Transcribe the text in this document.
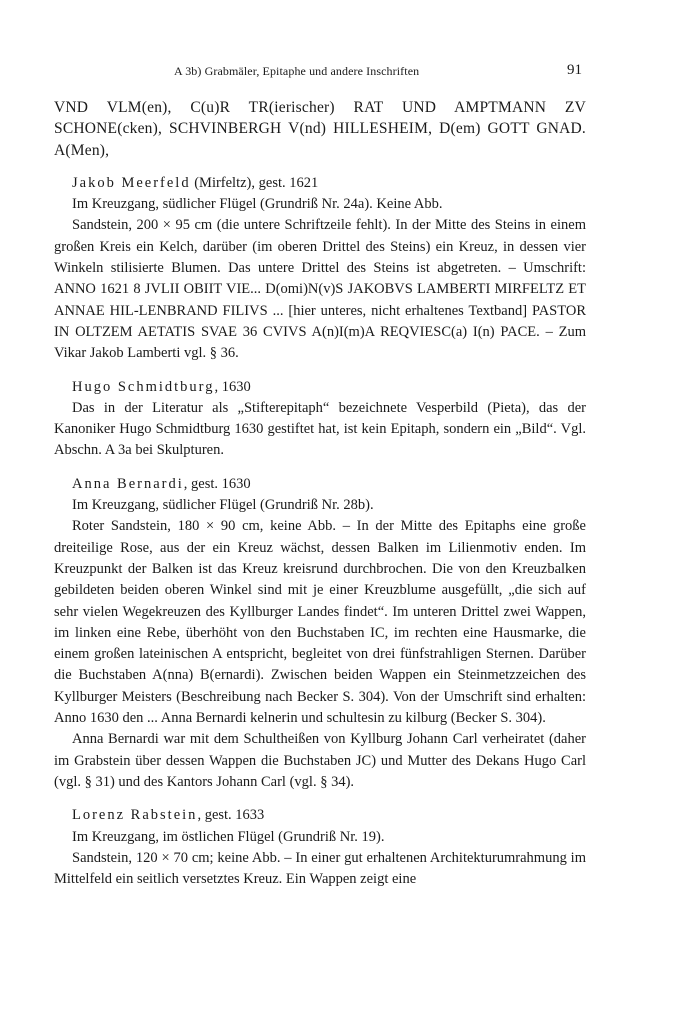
A 3b) Grabmäler, Epitaphe und andere Inschriften	91

VND VLM(en), C(u)R TR(ierischer) RAT UND AMPTMANN ZV SCHONE(cken), SCHVINBERGH V(nd) HILLESHEIM, D(em) GOTT GNAD. A(Men),

Jakob Meerfeld (Mirfeltz), gest. 1621

Im Kreuzgang, südlicher Flügel (Grundriß Nr. 24a). Keine Abb.

Sandstein, 200 × 95 cm (die untere Schriftzeile fehlt). In der Mitte des Steins in einem großen Kreis ein Kelch, darüber (im oberen Drittel des Steins) ein Kreuz, in dessen vier Winkeln stilisierte Blumen. Das untere Drittel des Steins ist abgetreten. – Umschrift: ANNO 1621 8 JVLII OBIIT VIE... D(omi)N(v)S JAKOBVS LAMBERTI MIRFELTZ ET ANNAE HIL-LENBRAND FILIVS ... [hier unteres, nicht erhaltenes Textband] PASTOR IN OLTZEM AETATIS SVAE 36 CVIVS A(n)I(m)A REQVIESC(a) I(n) PACE. – Zum Vikar Jakob Lamberti vgl. § 36.

Hugo Schmidtburg, 1630

Das in der Literatur als „Stifterepitaph“ bezeichnete Vesperbild (Pieta), das der Kanoniker Hugo Schmidtburg 1630 gestiftet hat, ist kein Epitaph, sondern ein „Bild“. Vgl. Abschn. A 3a bei Skulpturen.

Anna Bernardi, gest. 1630

Im Kreuzgang, südlicher Flügel (Grundriß Nr. 28b).

Roter Sandstein, 180 × 90 cm, keine Abb. – In der Mitte des Epitaphs eine große dreiteilige Rose, aus der ein Kreuz wächst, dessen Balken im Lilienmotiv enden. Im Kreuzpunkt der Balken ist das Kreuz kreisrund durchbrochen. Die von den Kreuzbalken gebildeten beiden oberen Winkel sind mit je einer Kreuzblume ausgefüllt, „die sich auf sehr vielen Wegekreuzen des Kyllburger Landes findet“. Im unteren Drittel zwei Wappen, im linken eine Rebe, überhöht von den Buchstaben IC, im rechten eine Hausmarke, die einem großen lateinischen A entspricht, begleitet von drei fünfstrahligen Sternen. Darüber die Buchstaben A(nna) B(ernardi). Zwischen beiden Wappen ein Steinmetzzeichen des Kyllburger Meisters (Beschreibung nach Becker S. 304). Von der Umschrift sind erhalten: Anno 1630 den ... Anna Bernardi kelnerin und schultesin zu kilburg (Becker S. 304).

Anna Bernardi war mit dem Schultheißen von Kyllburg Johann Carl verheiratet (daher im Grabstein über dessen Wappen die Buchstaben JC) und Mutter des Dekans Hugo Carl (vgl. § 31) und des Kantors Johann Carl (vgl. § 34).

Lorenz Rabstein, gest. 1633

Im Kreuzgang, im östlichen Flügel (Grundriß Nr. 19).

Sandstein, 120 × 70 cm; keine Abb. – In einer gut erhaltenen Architekturumrahmung im Mittelfeld ein seitlich versetztes Kreuz. Ein Wappen zeigt eine
